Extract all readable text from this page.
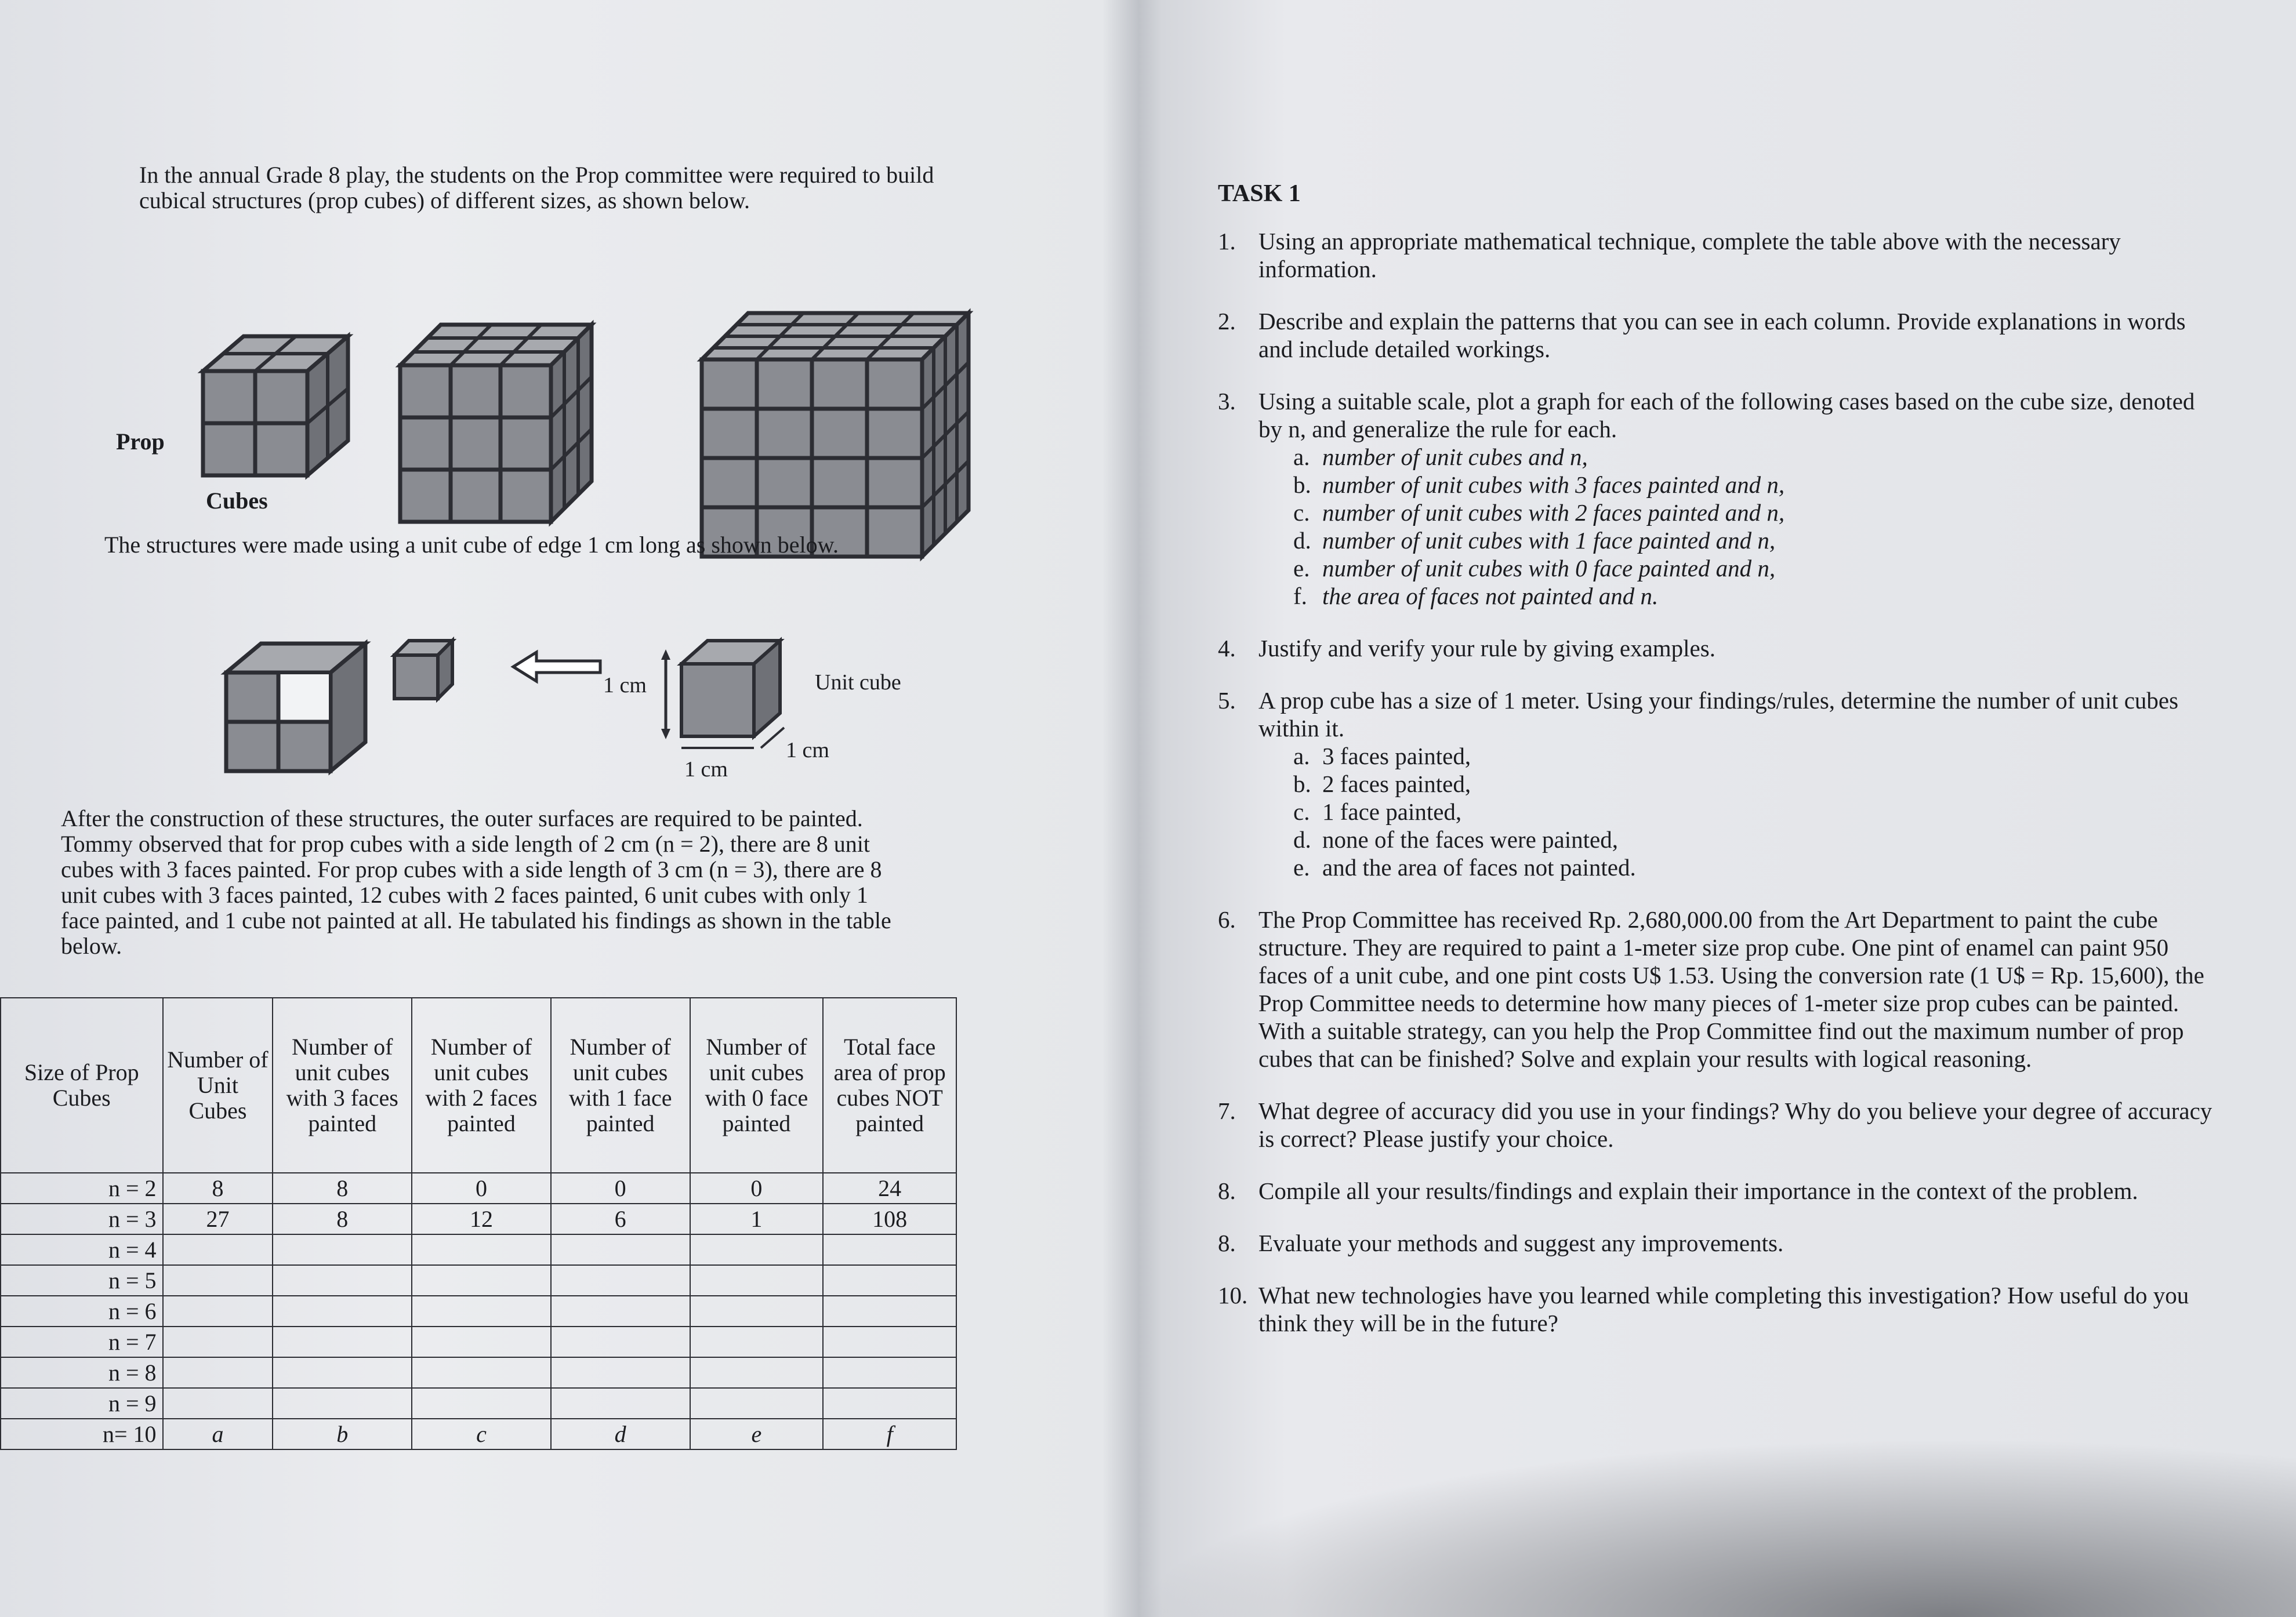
In the annual Grade 8 play, the students on the Prop committee were required to build

cubical structures (prop cubes) of different sizes, as shown below.

Prop
Cubes
The structures were made using a unit cube of edge 1 cm long as shown below.
1 cm	Unit cube
1 cm
1 cm

After the construction of these structures, the outer surfaces are required to be painted.

Tommy observed that for prop cubes with a side length of 2 cm (n = 2), there are 8 unit

cubes with 3 faces painted. For prop cubes with a side length of 3 cm (n = 3), there are 8

unit cubes with 3 faces painted, 12 cubes with 2 faces painted, 6 unit cubes with only 1

face painted, and 1 cube not painted at all. He tabulated his findings as shown in the table

below.

Size of Prop Cubes	Number of Unit Cubes	Number of unit cubes with 3 faces painted	Number of unit cubes with 2 faces painted	Number of unit cubes with 1 face painted	Number of unit cubes with 0 face painted	Total face area of prop cubes NOT painted
n = 2	8	8	0	0	0	24
n = 3	27	8	12	6	1	108
n = 4						
n = 5						
n = 6						
n = 7						
n = 8						
n = 9						
n= 10	a	b	c	d	e	f
TASK 1
1. Using an appropriate mathematical technique, complete the table above with the necessary information.
2. Describe and explain the patterns that you can see in each column. Provide explanations in words and include detailed workings.
3. Using a suitable scale, plot a graph for each of the following cases based on the cube size, denoted by n, and generalize the rule for each.
a. number of unit cubes and n,
b. number of unit cubes with 3 faces painted and n,
c. number of unit cubes with 2 faces painted and n,
d. number of unit cubes with 1 face painted and n,
e. number of unit cubes with 0 face painted and n,
f. the area of faces not painted and n.
4. Justify and verify your rule by giving examples.
5. A prop cube has a size of 1 meter. Using your findings/rules, determine the number of unit cubes within it.
a. 3 faces painted,
b. 2 faces painted,
c. 1 face painted,
d. none of the faces were painted,
e. and the area of faces not painted.
6. The Prop Committee has received Rp. 2,680,000.00 from the Art Department to paint the cube structure. They are required to paint a 1-meter size prop cube. One pint of enamel can paint 950 faces of a unit cube, and one pint costs U$ 1.53. Using the conversion rate (1 U$ = Rp. 15,600), the Prop Committee needs to determine how many pieces of 1-meter size prop cubes can be painted. With a suitable strategy, can you help the Prop Committee find out the maximum number of prop cubes that can be finished? Solve and explain your results with logical reasoning.
7. What degree of accuracy did you use in your findings? Why do you believe your degree of accuracy is correct? Please justify your choice.
8. Compile all your results/findings and explain their importance in the context of the problem.
8. Evaluate your methods and suggest any improvements.
10. What new technologies have you learned while completing this investigation? How useful do you think they will be in the future?
